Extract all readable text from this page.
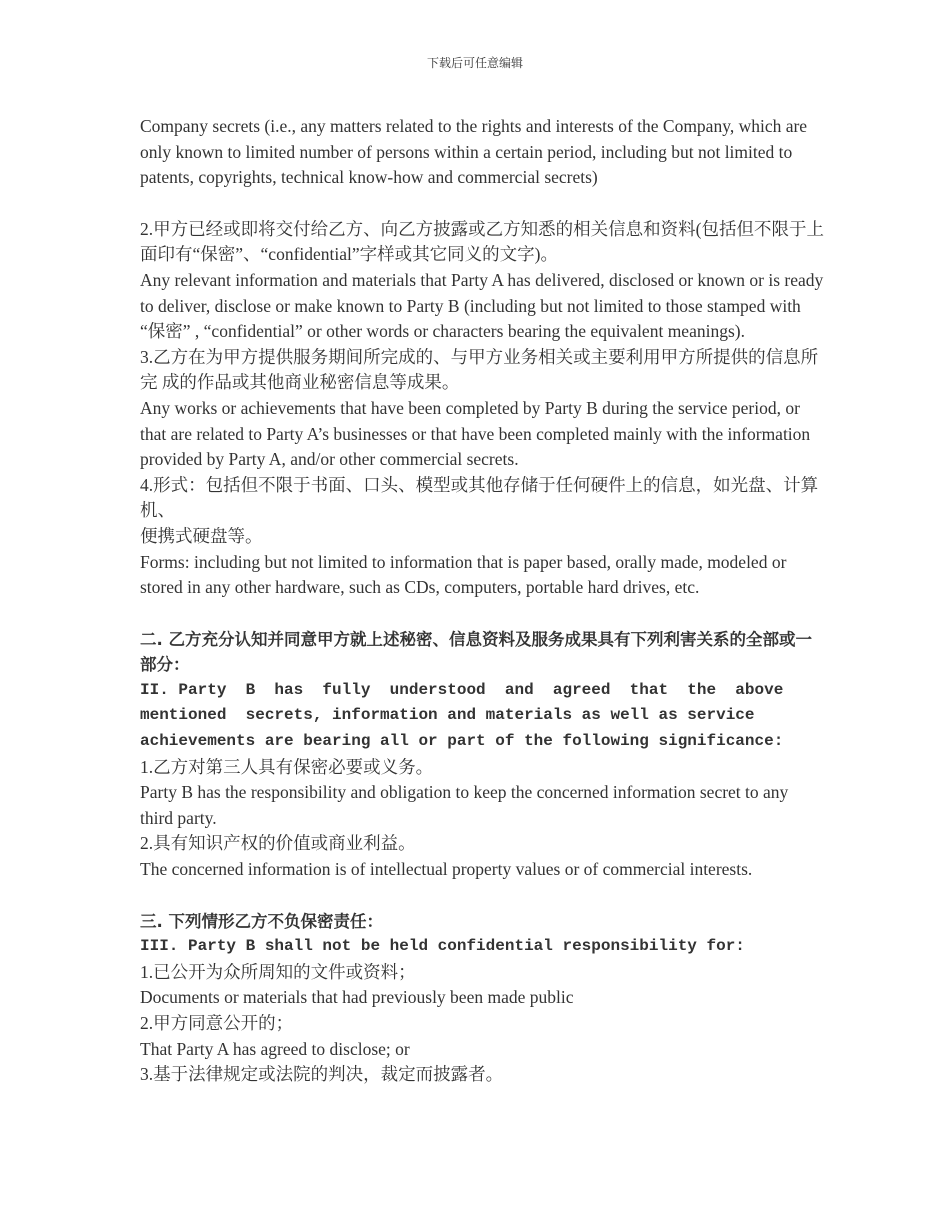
下载后可任意编辑

Company secrets (i.e., any matters related to the rights and interests of the Company, which are only known to limited number of persons within a certain period, including but not limited to patents, copyrights, technical know-how and commercial secrets)

2.甲方已经或即将交付给乙方、向乙方披露或乙方知悉的相关信息和资料(包括但不限于上 面印有“保密”、“confidential”字样或其它同义的文字)。

Any relevant information and materials that Party A has delivered, disclosed or known or is ready to deliver, disclose or make known to Party B (including but not limited to those stamped with “保密” , “confidential” or other words or characters bearing the equivalent meanings).

3.乙方在为甲方提供服务期间所完成的、与甲方业务相关或主要利用甲方所提供的信息所完 成的作品或其他商业秘密信息等成果。

Any works or achievements that have been completed by Party B during the service period, or that are related to Party A’s businesses or that have been completed mainly with the information provided by Party A, and/or other commercial secrets.

4.形式：包括但不限于书面、口头、模型或其他存储于任何硬件上的信息，如光盘、计算机、

便携式硬盘等。

Forms: including but not limited to information that is paper based, orally made, modeled or stored in any other hardware, such as CDs, computers, portable hard drives, etc.

二. 乙方充分认知并同意甲方就上述秘密、信息资料及服务成果具有下列利害关系的全部或一部分：

II. Party  B  has  fully  understood  and  agreed  that  the  above

mentioned  secrets, information and materials as well as service

achievements are bearing all or part of the following significance:

1.乙方对第三人具有保密必要或义务。

Party B has the responsibility and obligation to keep the concerned information secret to any third party.

2.具有知识产权的价值或商业利益。

The concerned information is of intellectual property values or of commercial interests.

三. 下列情形乙方不负保密责任：

III. Party B shall not be held confidential responsibility for:

1.已公开为众所周知的文件或资料；

Documents or materials that had previously been made public

2.甲方同意公开的；

That Party A has agreed to disclose; or

3.基于法律规定或法院的判决，裁定而披露者。
